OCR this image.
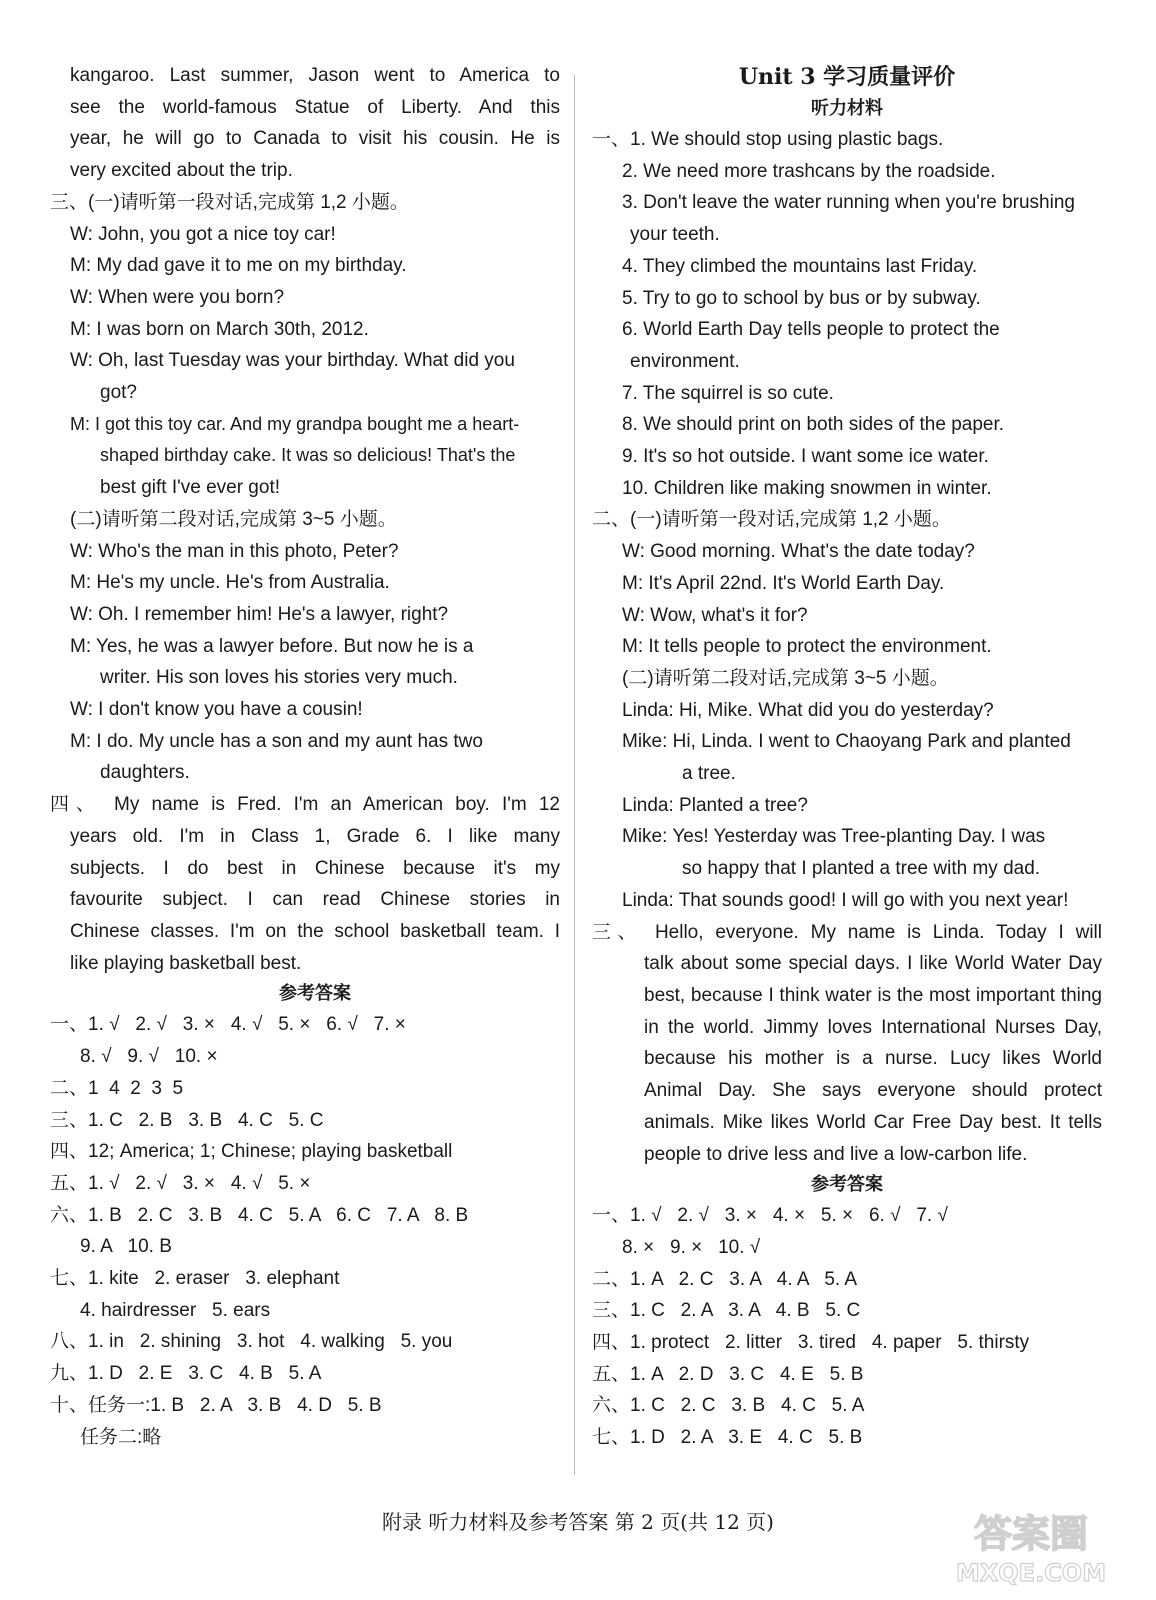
kangaroo. Last summer, Jason went to America to

see the world-famous Statue of Liberty. And this

year, he will go to Canada to visit his cousin. He is

very excited about the trip.

三、(一)请听第一段对话,完成第 1,2 小题。

W: John, you got a nice toy car!

M: My dad gave it to me on my birthday.

W: When were you born?

M: I was born on March 30th, 2012.

W: Oh, last Tuesday was your birthday. What did you

got?

M: I got this toy car. And my grandpa bought me a heart-

shaped birthday cake. It was so delicious! That's the

best gift I've ever got!

(二)请听第二段对话,完成第 3~5 小题。

W: Who's the man in this photo, Peter?

M: He's my uncle. He's from Australia.

W: Oh. I remember him! He's a lawyer, right?

M: Yes, he was a lawyer before. But now he is a

writer. His son loves his stories very much.

W: I don't know you have a cousin!

M: I do. My uncle has a son and my aunt has two

daughters.

四、 My name is Fred. I'm an American boy. I'm 12

years old. I'm in Class 1, Grade 6. I like many

subjects. I do best in Chinese because it's my

favourite subject. I can read Chinese stories in

Chinese classes. I'm on the school basketball team. I

like playing basketball best.

参考答案

一、1. √   2. √   3. ×   4. √   5. ×   6. √   7. ×

8. √   9. √   10. ×

二、1  4  2  3  5

三、1. C   2. B   3. B   4. C   5. C

四、12; America; 1; Chinese; playing basketball

五、1. √   2. √   3. ×   4. √   5. ×

六、1. B   2. C   3. B   4. C   5. A   6. C   7. A   8. B

9. A   10. B

七、1. kite   2. eraser   3. elephant

4. hairdresser   5. ears

八、1. in   2. shining   3. hot   4. walking   5. you

九、1. D   2. E   3. C   4. B   5. A

十、任务一:1. B   2. A   3. B   4. D   5. B

任务二:略

Unit 3 学习质量评价

听力材料

一、1. We should stop using plastic bags.

2. We need more trashcans by the roadside.

3. Don't leave the water running when you're brushing

your teeth.

4. They climbed the mountains last Friday.

5. Try to go to school by bus or by subway.

6. World Earth Day tells people to protect the

environment.

7. The squirrel is so cute.

8. We should print on both sides of the paper.

9. It's so hot outside. I want some ice water.

10. Children like making snowmen in winter.

二、(一)请听第一段对话,完成第 1,2 小题。

W: Good morning. What's the date today?

M: It's April 22nd. It's World Earth Day.

W: Wow, what's it for?

M: It tells people to protect the environment.

(二)请听第二段对话,完成第 3~5 小题。

Linda: Hi, Mike. What did you do yesterday?

Mike: Hi, Linda. I went to Chaoyang Park and planted

a tree.

Linda: Planted a tree?

Mike: Yes! Yesterday was Tree-planting Day. I was

so happy that I planted a tree with my dad.

Linda: That sounds good! I will go with you next year!

三、 Hello, everyone. My name is Linda. Today I will

talk about some special days. I like World Water Day

best, because I think water is the most important thing

in the world. Jimmy loves International Nurses Day,

because his mother is a nurse. Lucy likes World

Animal Day. She says everyone should protect

animals. Mike likes World Car Free Day best. It tells

people to drive less and live a low-carbon life.

参考答案

一、1. √   2. √   3. ×   4. ×   5. ×   6. √   7. √

8. ×   9. ×   10. √

二、1. A   2. C   3. A   4. A   5. A

三、1. C   2. A   3. A   4. B   5. C

四、1. protect   2. litter   3. tired   4. paper   5. thirsty

五、1. A   2. D   3. C   4. E   5. B

六、1. C   2. C   3. B   4. C   5. A

七、1. D   2. A   3. E   4. C   5. B

附录 听力材料及参考答案 第 2 页(共 12 页)	答案圈
MXQE.COM
